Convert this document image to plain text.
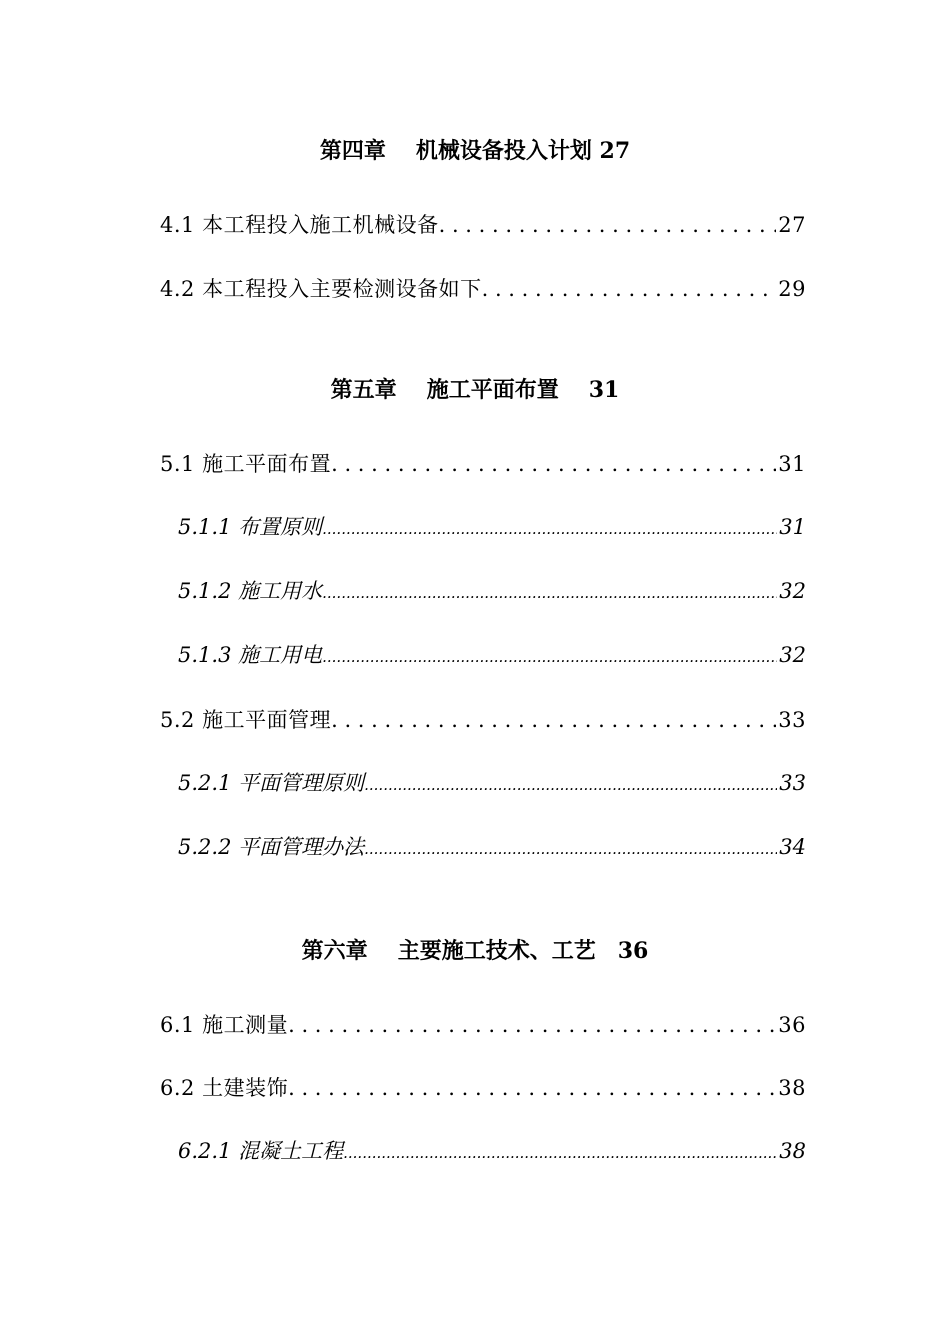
第四章 机械设备投入计划 27
4.1 本工程投入施工机械设备 . . .	27
4.2 本工程投入主要检测设备如下 . . .	29
第五章 施工平面布置 31
5.1 施工平面布置 . . .	31
5.1.1 布置原则 .....	31
5.1.2 施工用水 .....	32
5.1.3 施工用电 .....	32
5.2 施工平面管理 . . .	33
5.2.1 平面管理原则 .....	33
5.2.2 平面管理办法 .....	34
第六章 主要施工技术、工艺 36
6.1 施工测量 . . .	36
6.2 土建装饰 . . .	38
6.2.1 混凝土工程 .....	38
